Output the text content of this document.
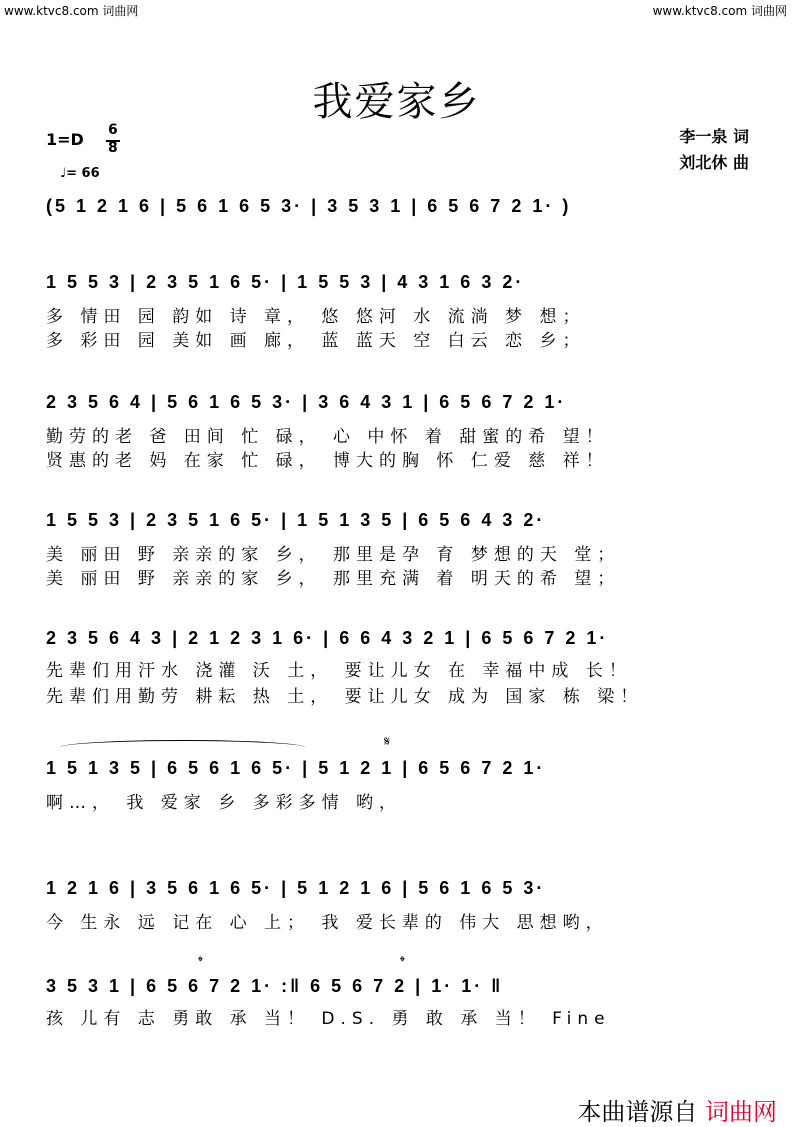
www.ktvc8.com 词曲网	www.ktvc8.com 词曲网
我爱家乡
1=D 6
8
♩= 66
李一泉 词
刘北休 曲
(5 1 2 1 6 | 5 6 1 6 5 3· | 3 5 3 1 | 6 5 6 7 2 1· )
1 5 5 3 | 2 3 5 1 6 5· | 1 5 5 3 | 4 3 1 6 3 2·
多 情田 园 韵如 诗 章， 悠 悠河 水 流淌 梦 想；
多 彩田 园 美如 画 廊， 蓝 蓝天 空 白云 恋 乡；
2 3 5 6 4 | 5 6 1 6 5 3· | 3 6 4 3 1 | 6 5 6 7 2 1·
勤劳的老 爸 田间 忙 碌， 心 中怀 着 甜蜜的希 望！
贤惠的老 妈 在家 忙 碌， 博大的胸 怀 仁爱 慈 祥！
1 5 5 3 | 2 3 5 1 6 5· | 1 5 1 3 5 | 6 5 6 4 3 2·
美 丽田 野 亲亲的家 乡， 那里是孕 育 梦想的天 堂；
美 丽田 野 亲亲的家 乡， 那里充满 着 明天的希 望；
2 3 5 6 4 3 | 2 1 2 3 1 6· | 6 6 4 3 2 1 | 6 5 6 7 2 1·
先辈们用汗水 浇灌 沃 土， 要让儿女 在 幸福中成 长！
先辈们用勤劳 耕耘 热 土， 要让儿女 成为 国家 栋 梁！
𝄋
1 5 1 3 5 | 6 5 6 1 6 5· | 5 1 2 1 | 6 5 6 7 2 1·
啊…， 我 爱家 乡 多彩多情 哟，
1 2 1 6 | 3 5 6 1 6 5· | 5 1 2 1 6 | 5 6 1 6 5 3·
今 生永 远 记在 心 上； 我 爱长辈的 伟大 思想哟，
𝄌	𝄌
3 5 3 1 | 6 5 6 7 2 1· :‖ 6 5 6 7 2 | 1· 1· ‖
孩 儿有 志 勇敢 承 当！ D.S. 勇 敢 承 当！ Fine
本曲谱源自 词曲网
